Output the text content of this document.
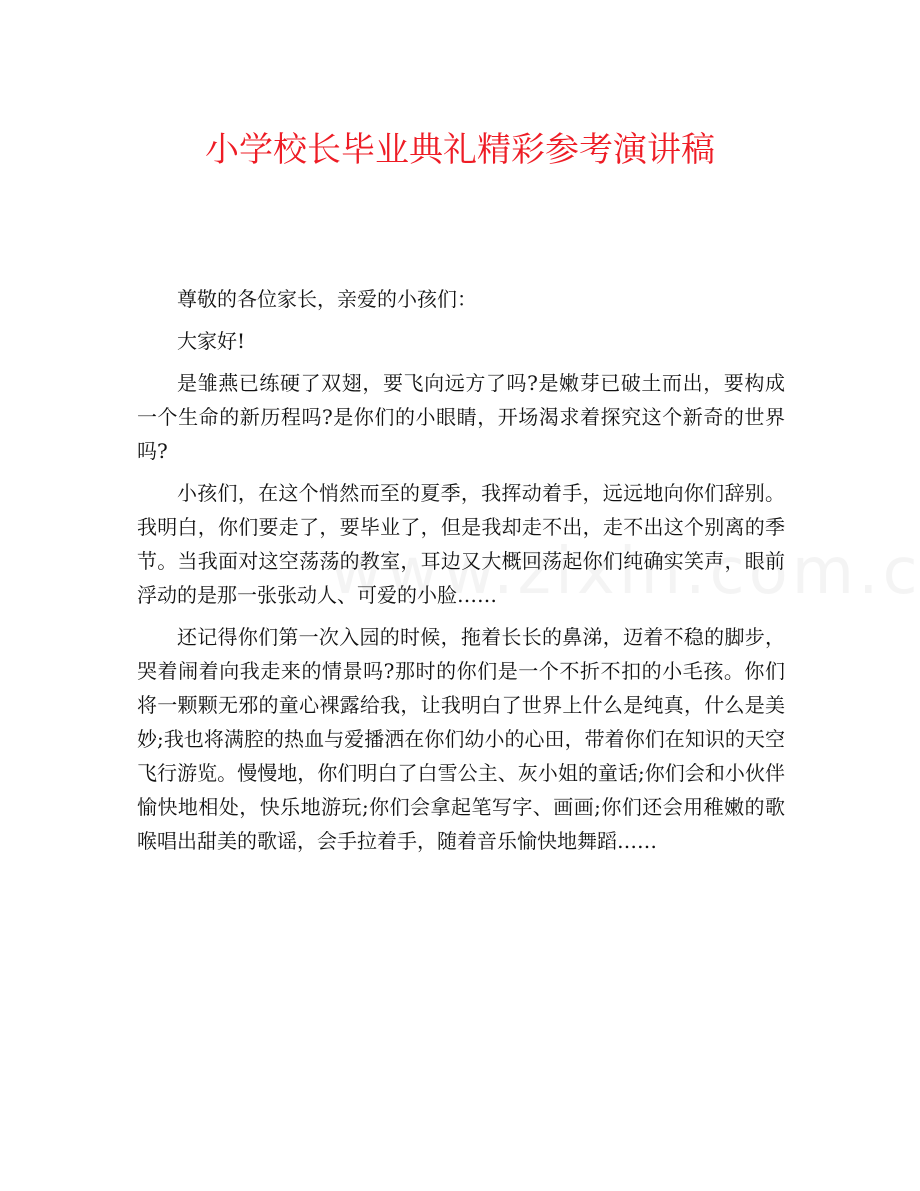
小学校长毕业典礼精彩参考演讲稿

尊敬的各位家长，亲爱的小孩们：

大家好!

是雏燕已练硬了双翅，要飞向远方了吗?是嫩芽已破土而出，要构成一个生命的新历程吗?是你们的小眼睛，开场渴求着探究这个新奇的世界吗?

小孩们，在这个悄然而至的夏季，我挥动着手，远远地向你们辞别。我明白，你们要走了，要毕业了，但是我却走不出，走不出这个别离的季节。当我面对这空荡荡的教室，耳边又大概回荡起你们纯确实笑声，眼前浮动的是那一张张动人、可爱的小脸……

还记得你们第一次入园的时候，拖着长长的鼻涕，迈着不稳的脚步，哭着闹着向我走来的情景吗?那时的你们是一个不折不扣的小毛孩。你们将一颗颗无邪的童心裸露给我，让我明白了世界上什么是纯真，什么是美妙;我也将满腔的热血与爱播洒在你们幼小的心田，带着你们在知识的天空飞行游览。慢慢地，你们明白了白雪公主、灰小姐的童话;你们会和小伙伴愉快地相处，快乐地游玩;你们会拿起笔写字、画画;你们还会用稚嫩的歌喉唱出甜美的歌谣，会手拉着手，随着音乐愉快地舞蹈……
